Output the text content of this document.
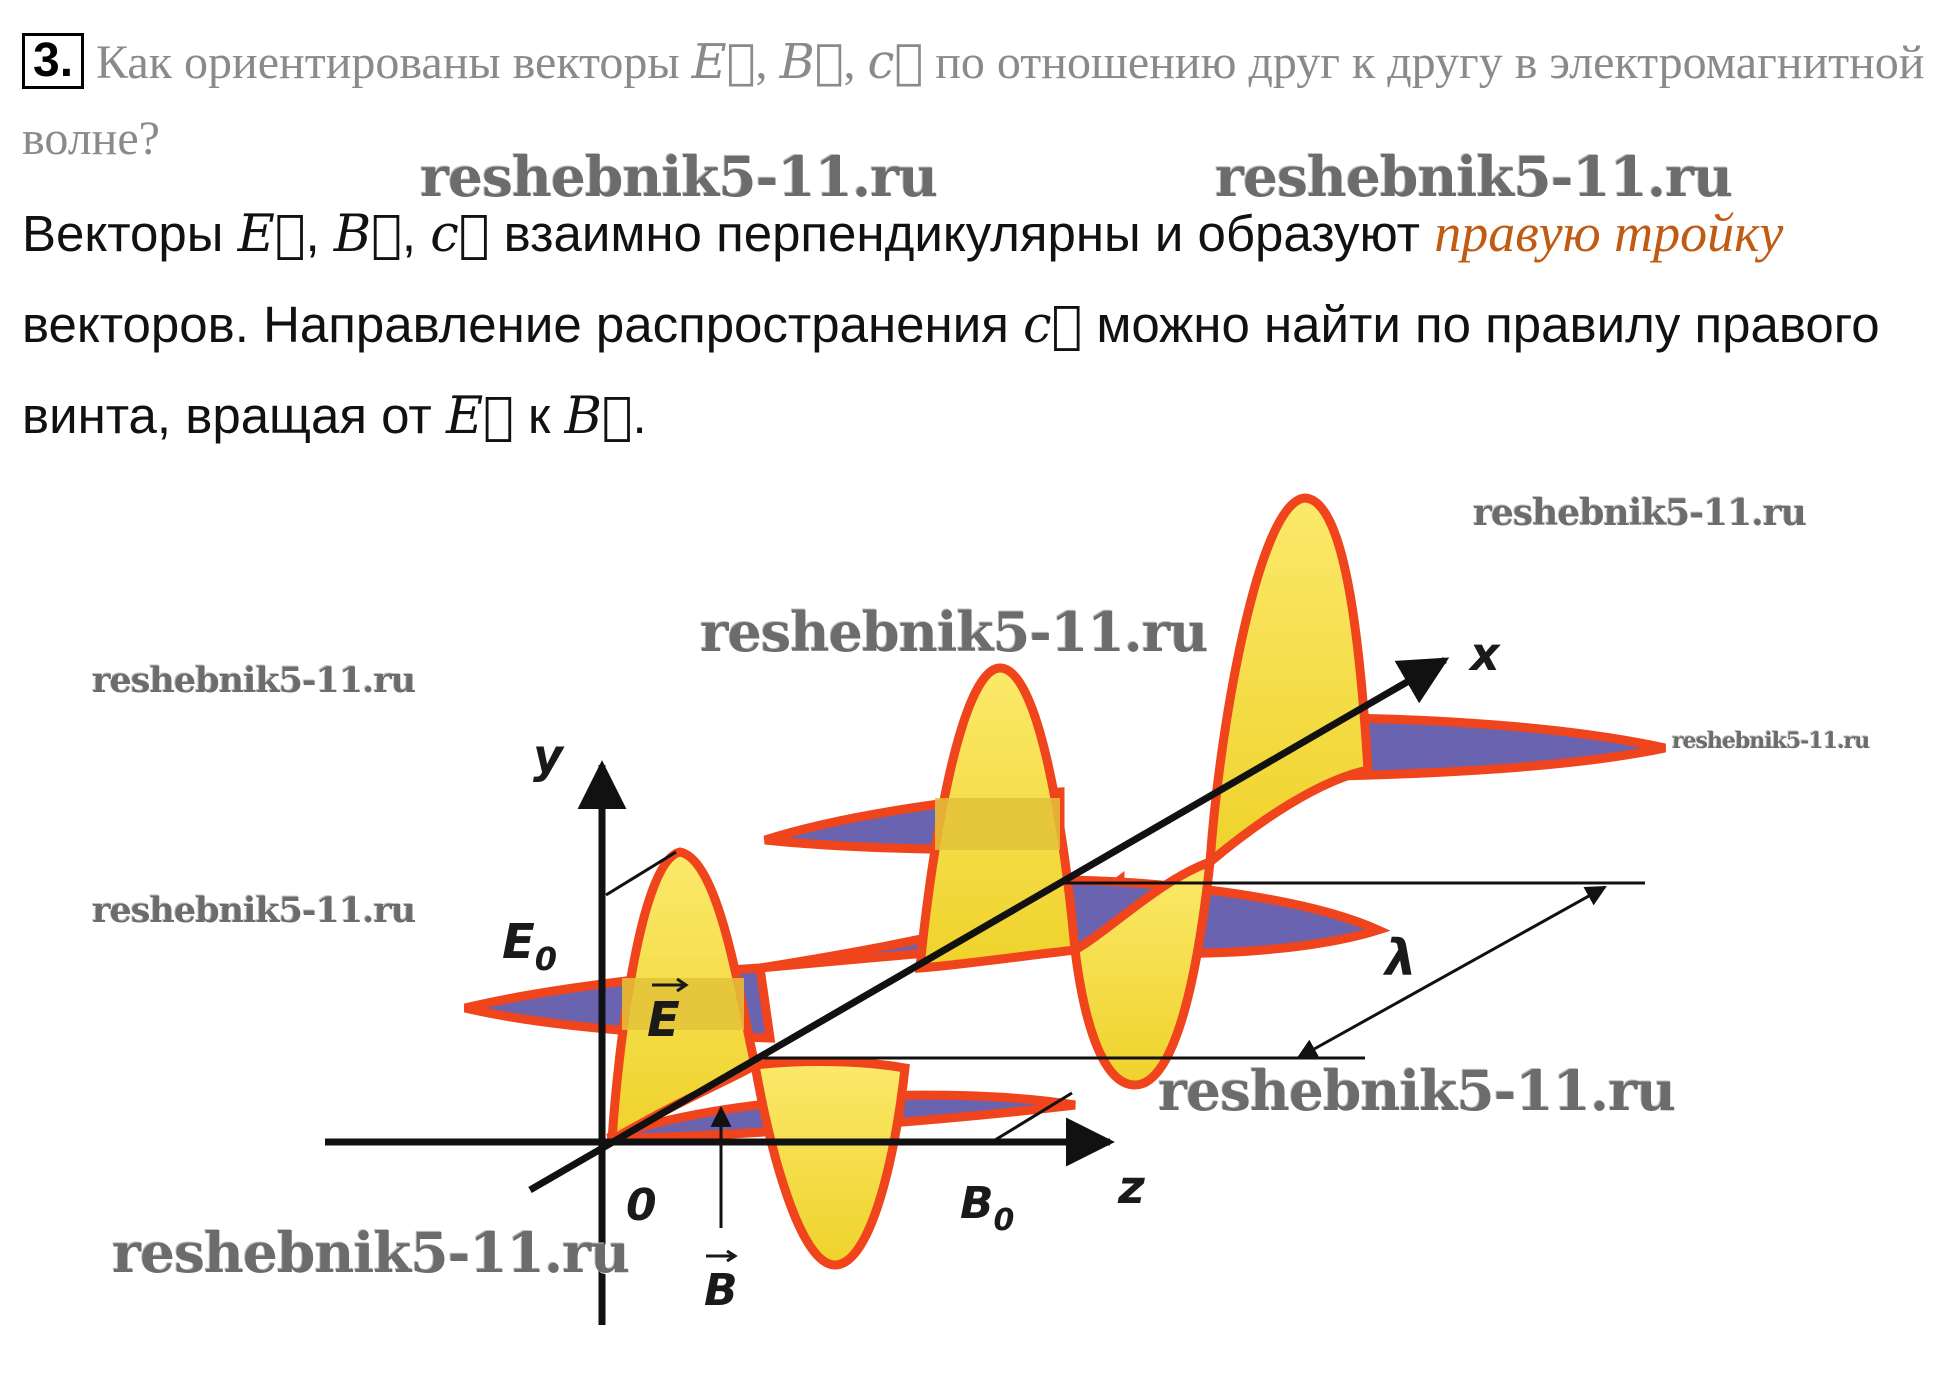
3. Как ориентированы векторы E⃗, B⃗, c⃗ по отношению друг к другу в электромагнитной волне?
Векторы E⃗, B⃗, c⃗ взаимно перпендикулярны и образуют правую тройку векторов. Направление распространения c⃗ можно найти по правилу правого винта, вращая от E⃗ к B⃗.
y
x
z
0
$E_0$
$B_0$
E
B
λ
reshebnik5-11.ru	reshebnik5-11.ru
reshebnik5-11.ru
reshebnik5-11.ru
reshebnik5-11.ru
reshebnik5-11.ru
reshebnik5-11.ru
reshebnik5-11.ru
reshebnik5-11.ru
